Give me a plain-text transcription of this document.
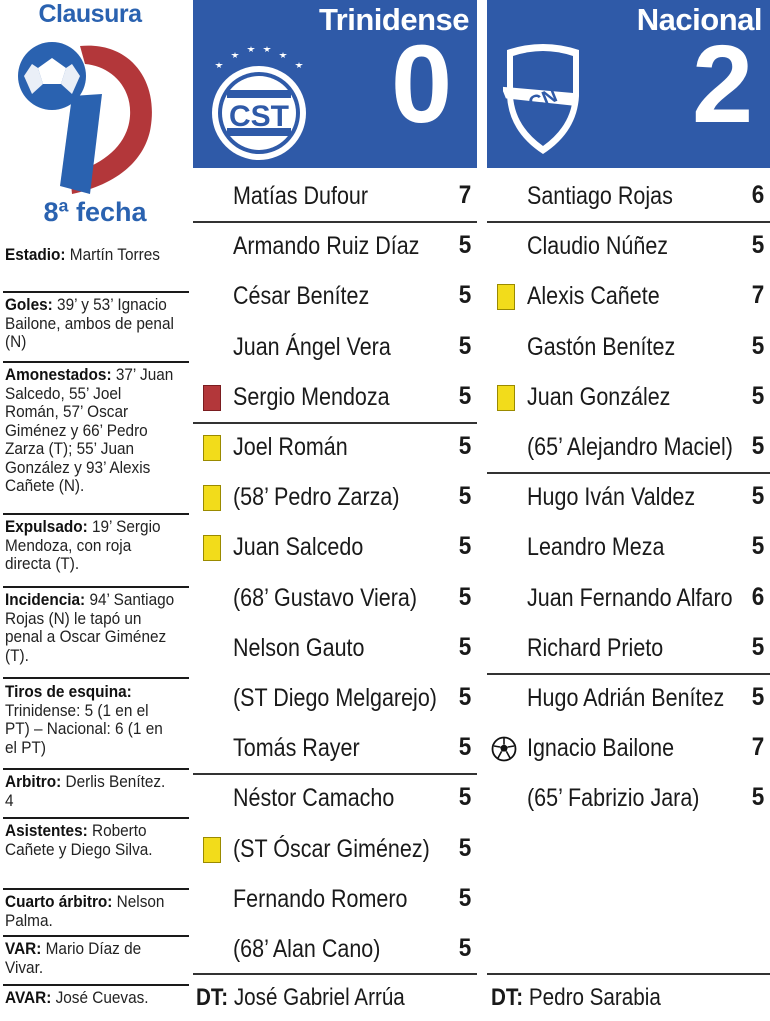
Clausura
8ª fecha
Estadio: Martín Torres
Goles: 39’ y 53’ Ignacio Bailone, ambos de penal (N)
Amonestados: 37’ Juan Salcedo, 55’ Joel Román, 57’ Oscar Giménez y 66’ Pedro Zarza (T); 55’ Juan González y 93’ Alexis Cañete (N).
Expulsado: 19’ Sergio Mendoza, con roja directa (T).
Incidencia: 94’ Santiago Rojas (N) le tapó un penal a Oscar Giménez (T).
Tiros de esquina: Trinidense: 5 (1 en el PT) – Nacional: 6 (1 en el PT)
Arbitro: Derlis Benítez. 4
Asistentes: Roberto Cañete y Diego Silva.
Cuarto árbitro: Nelson Palma.
VAR: Mario Díaz de Vivar.
AVAR: José Cuevas.
Trinidense
CST 0
Nacional
CN 2
Matías Dufour	7
Armando Ruiz Díaz 5
César Benítez	5
Juan Ángel Vera	5
Sergio Mendoza	5
Joel Román	5
(58’ Pedro Zarza) 5
Juan Salcedo	5
(68’ Gustavo Viera) 5
Nelson Gauto	5
(ST Diego Melgarejo) 5
Tomás Rayer	5
Néstor Camacho	5
(ST Óscar Giménez) 5
Fernando Romero 5
(68’ Alan Cano)	5
Santiago Rojas	6
Claudio Núñez	5
Alexis Cañete	7
Gastón Benítez	5
Juan González	5
(65’ Alejandro Maciel) 5
Hugo Iván Valdez 5
Leandro Meza	5
Juan Fernando Alfaro 6
Richard Prieto	5
Hugo Adrián Benítez 5
Ignacio Bailone	7
(65’ Fabrizio Jara) 5
DT: José Gabriel Arrúa	DT: Pedro Sarabia
